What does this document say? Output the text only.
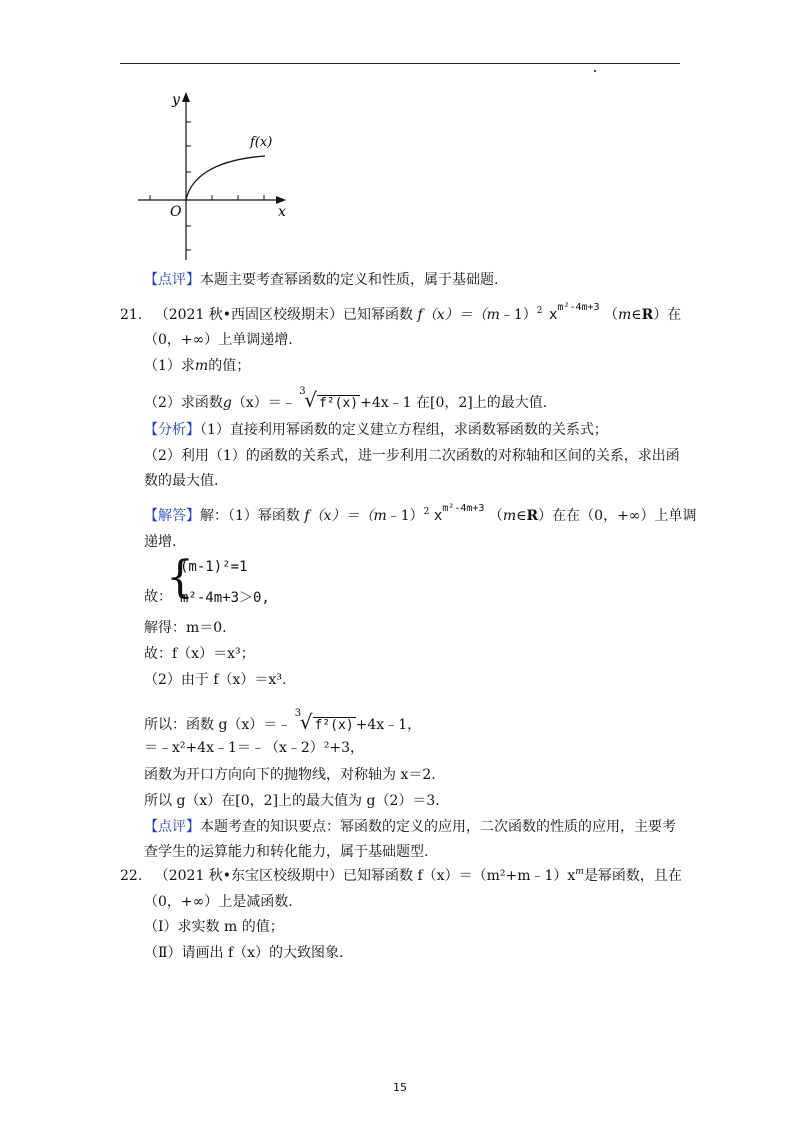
y
x
O
f(x)
【点评】本题主要考查幂函数的定义和性质，属于基础题.
21. （2021 秋•西固区校级期末）已知幂函数 f（x）＝（m﹣1）$^2$ $x^{m^2-4m+3}$ （m∈R）在
（0，+∞）上单调递增.
（1）求m的值；
（2）求函数g（x）＝﹣
3
√ f²(x) +4x﹣1 在[0，2]上的最大值.
【分析】（1）直接利用幂函数的定义建立方程组，求函数幂函数的关系式；
（2）利用（1）的函数的关系式，进一步利用二次函数的对称轴和区间的关系，求出函
数的最大值.
【解答】解：（1）幂函数 f（x）＝（m﹣1）$^2$ $x^{m^2-4m+3}$ （m∈R）在在（0，+∞）上单调
递增.
故：
{
(m-1)²=1
m²-4m+3＞0,
解得：m＝0.
故：f（x）＝x³；
（2）由于 f（x）＝x³.
所以：函数 g（x）＝﹣
3
√ f²(x) +4x﹣1，
＝﹣x²+4x﹣1＝﹣（x﹣2）²+3，
函数为开口方向向下的抛物线，对称轴为 x＝2.
所以 g（x）在[0，2]上的最大值为 g（2）＝3.
【点评】本题考查的知识要点：幂函数的定义的应用，二次函数的性质的应用，主要考
查学生的运算能力和转化能力，属于基础题型.
22. （2021 秋•东宝区校级期中）已知幂函数 $f(x)=(m^2+m﹣1)x^m$是幂函数，且在
（0，+∞）上是减函数.
（Ⅰ）求实数 m 的值；
（Ⅱ）请画出 f（x）的大致图象.
15
